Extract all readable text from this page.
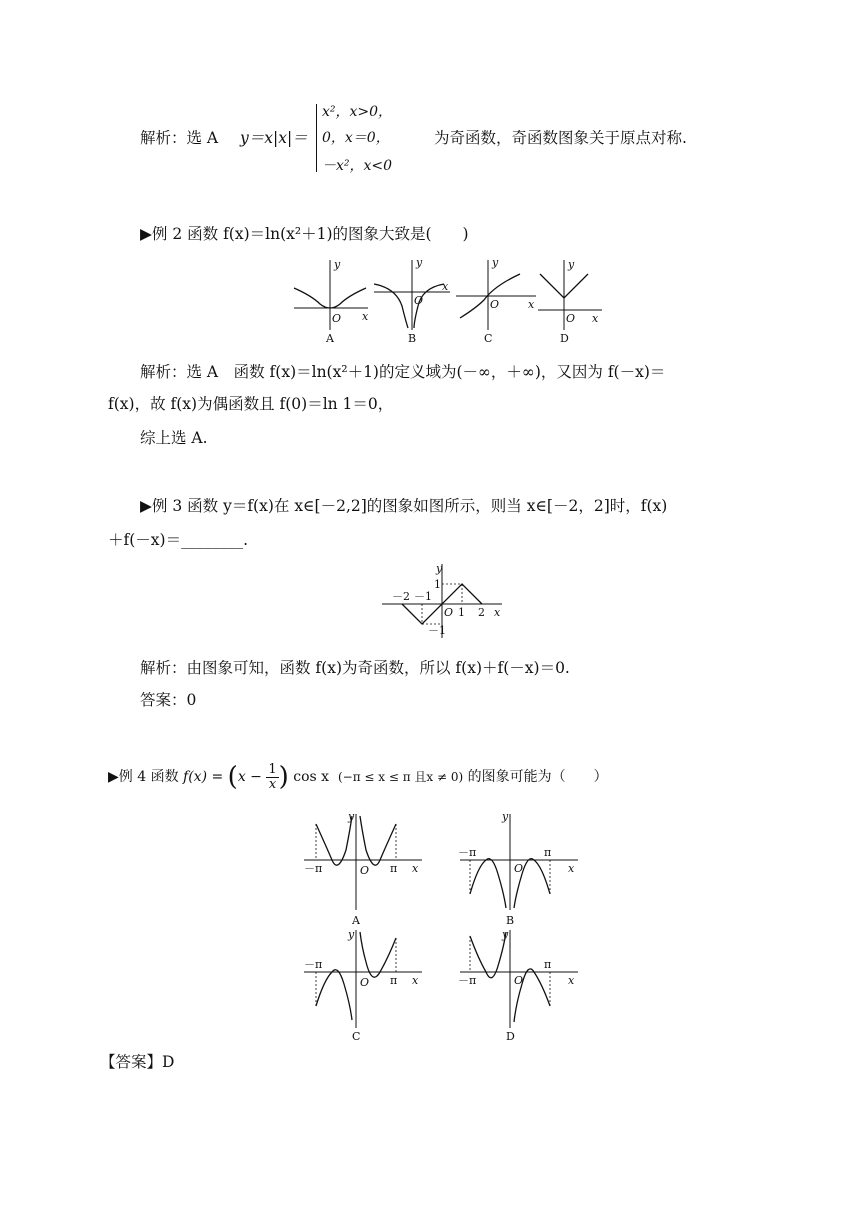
解析：选 A y＝x|x|＝
x²，x>0，
0，x＝0，
－x²，x<0
为奇函数，奇函数图象关于原点对称.
▶例 2 函数 f(x)＝ln(x²＋1)的图象大致是(　　)
y
x
O
A
y
x
O
B
y
x
O
C
y
x
O
D
解析：选 A　函数 f(x)＝ln(x²＋1)的定义域为(－∞，＋∞)，又因为 f(－x)＝
f(x)，故 f(x)为偶函数且 f(0)＝ln 1＝0，
综上选 A.
▶例 3 函数 y＝f(x)在 x∈[－2,2]的图象如图所示，则当 x∈[－2，2]时，f(x)
＋f(－x)＝________.
－2 －1
1 2
1
－1
O	x
y
解析：由图象可知，函数 f(x)为奇函数，所以 f(x)＋f(－x)＝0.
答案：0
▶例 4 函数 $f(x) = (x - \frac{1}{x}$ ) cos x (−π ≤ x ≤ π 且x ≠ 0) 的图象可能为（　　）
－π	π
O	x
y
A
－π	π
O	x
y
B
－π
π
O	x
y
C
－π
π
O	x
y
D
【答案】D
